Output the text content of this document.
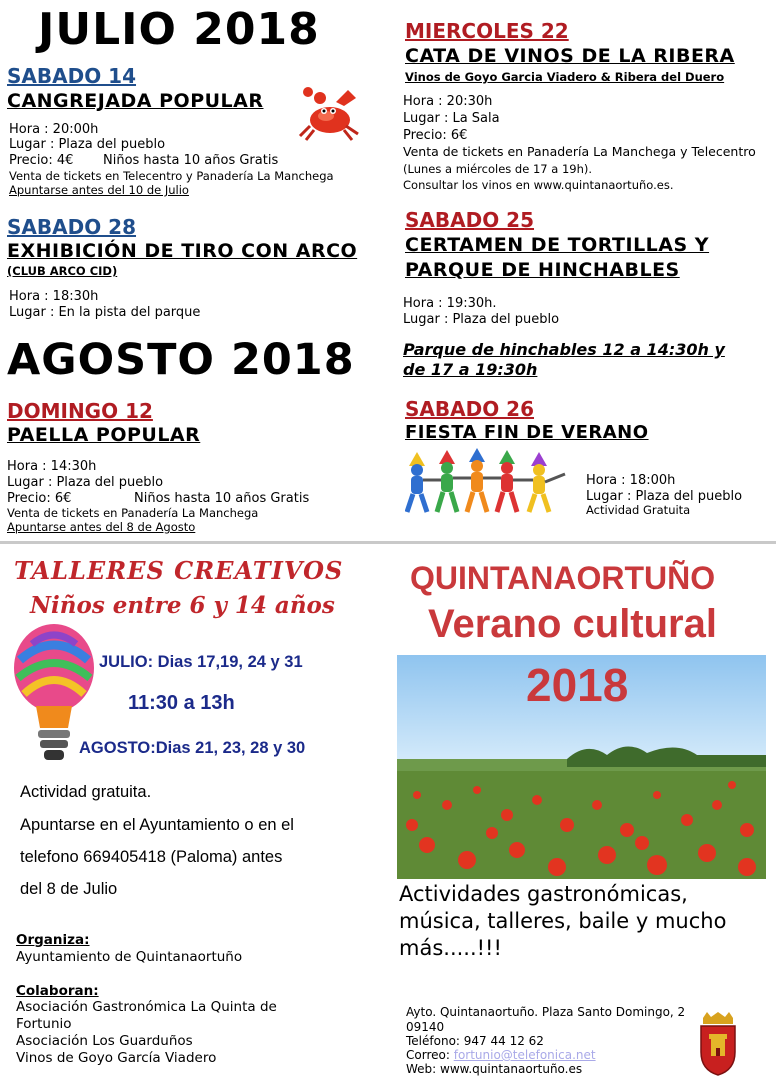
JULIO 2018
SABADO 14
CANGREJADA POPULAR
Hora : 20:00h
Lugar : Plaza del pueblo
Precio: 4€ Niños hasta 10 años Gratis
Venta de tickets en Telecentro y Panadería La Manchega
Apuntarse antes del 10 de Julio
SABADO 28
EXHIBICIÓN DE TIRO CON ARCO
(CLUB ARCO CID)
Hora : 18:30h
Lugar : En la pista del parque
AGOSTO 2018
DOMINGO 12
PAELLA POPULAR
Hora : 14:30h
Lugar : Plaza del pueblo
Precio: 6€	Niños hasta 10 años Gratis
Venta de tickets en Panadería La Manchega
Apuntarse antes del 8 de Agosto
MIERCOLES 22
CATA DE VINOS DE LA RIBERA
Vinos de Goyo Garcia Viadero & Ribera del Duero
Hora : 20:30h
Lugar : La Sala
Precio: 6€
Venta de tickets en Panadería La Manchega y Telecentro
(Lunes a miércoles de 17 a 19h).
Consultar los vinos en www.quintanaortuño.es.
SABADO 25
CERTAMEN DE TORTILLAS Y
PARQUE DE HINCHABLES
Hora : 19:30h.
Lugar : Plaza del pueblo
Parque de hinchables 12 a 14:30h y
de 17 a 19:30h
SABADO 26
FIESTA FIN DE VERANO
Hora : 18:00h
Lugar : Plaza del pueblo
Actividad Gratuita
TALLERES CREATIVOS
Niños entre 6 y 14 años
JULIO: Dias 17,19, 24 y 31
11:30 a 13h
AGOSTO:Dias 21, 23, 28 y 30
Actividad gratuita.
Apuntarse en el Ayuntamiento o en el
telefono 669405418 (Paloma) antes
del 8 de Julio
Organiza:
Ayuntamiento de Quintanaortuño
Colaboran:
Asociación Gastronómica La Quinta de
Fortunio
Asociación Los Guarduños
Vinos de Goyo García Viadero
QUINTANAORTUÑO
Verano cultural
2018
Actividades gastronómicas,
música, talleres, baile y mucho
más.....!!!
Ayto. Quintanaortuño. Plaza Santo Domingo, 2
09140
Teléfono: 947 44 12 62
Correo: fortunio@telefonica.net
Web: www.quintanaortuño.es
